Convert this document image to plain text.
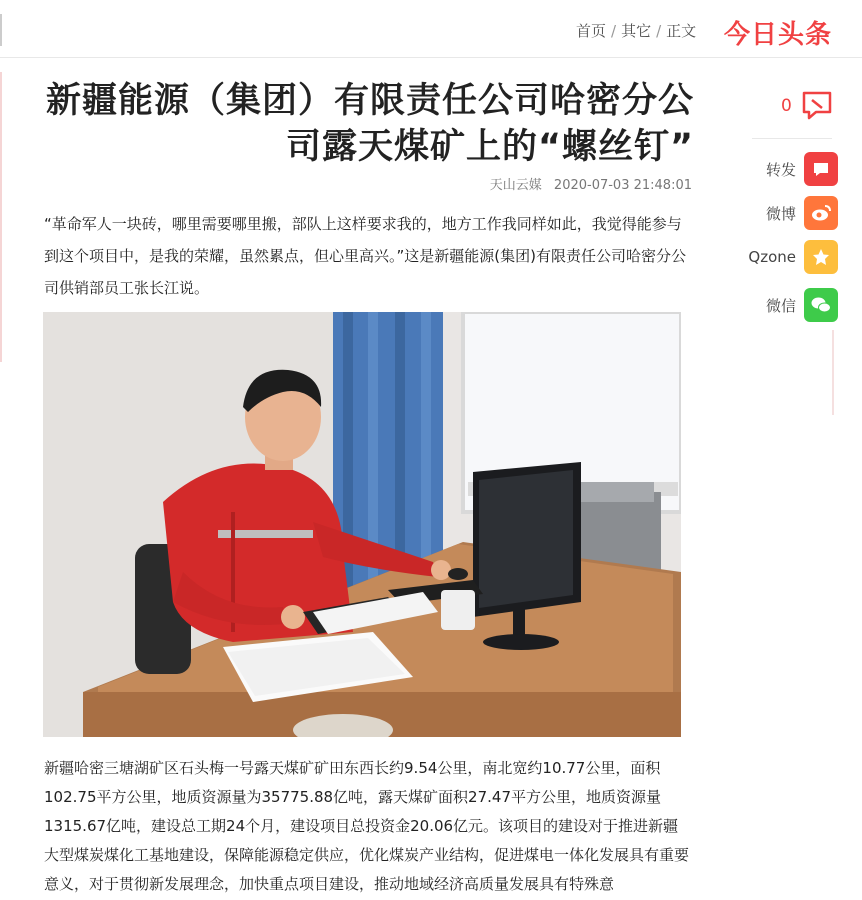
首页 / 其它 / 正文 今日头条
新疆能源（集团）有限责任公司哈密分公司露天煤矿上的“螺丝钉”
天山云媒 2020-07-03 21:48:01

“革命军人一块砖，哪里需要哪里搬，部队上这样要求我的，地方工作我同样如此，我觉得能参与到这个项目中，是我的荣耀，虽然累点，但心里高兴。”这是新疆能源(集团)有限责任公司哈密分公司供销部员工张长江说。

新疆哈密三塘湖矿区石头梅一号露天煤矿矿田东西长约9.54公里，南北宽约10.77公里，面积102.75平方公里，地质资源量为35775.88亿吨，露天煤矿面积27.47平方公里，地质资源量1315.67亿吨，建设总工期24个月，建设项目总投资金20.06亿元。该项目的建设对于推进新疆大型煤炭煤化工基地建设，保障能源稳定供应，优化煤炭产业结构，促进煤电一体化发展具有重要意义，对于贯彻新发展理念，加快重点项目建设，推动地域经济高质量发展具有特殊意

0
转发
微博
Qzone
微信
